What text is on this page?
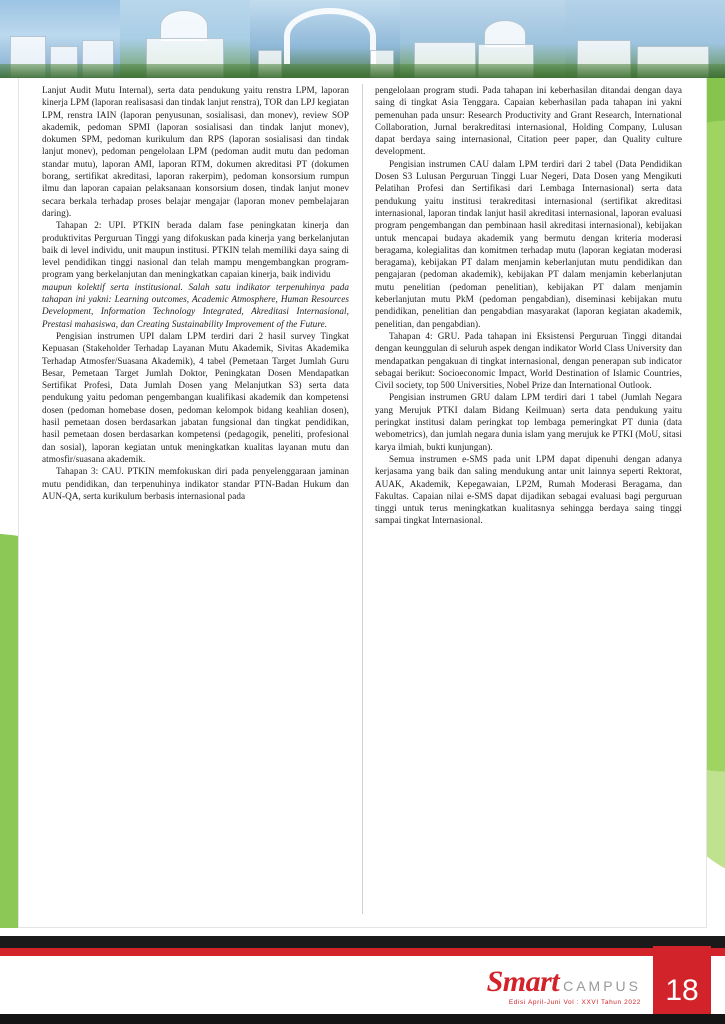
Lanjut Audit Mutu Internal), serta data pendukung yaitu renstra LPM, laporan kinerja LPM (laporan realisasasi dan tindak lanjut renstra), TOR dan LPJ kegiatan LPM, renstra IAIN (laporan penyusunan, sosialisasi, dan monev), review SOP akademik, pedoman SPMI (laporan sosialisasi dan tindak lanjut monev), dokumen SPM, pedoman kurikulum dan RPS (laporan sosialisasi dan tindak lanjut monev), pedoman pengelolaan LPM (pedoman audit mutu dan pedoman standar mutu), laporan AMI, laporan RTM, dokumen akreditasi PT (dokumen borang, sertifikat akreditasi, laporan rakerpim), pedoman konsorsium rumpun ilmu dan laporan capaian pelaksanaan konsorsium dosen, tindak lanjut monev secara berkala terhadap proses belajar mengajar (laporan monev pembelajaran daring).

Tahapan 2: UPI. PTKIN berada dalam fase peningkatan kinerja dan produktivitas Perguruan Tinggi yang difokuskan pada kinerja yang berkelanjutan baik di level individu, unit maupun institusi. PTKIN telah memiliki daya saing di level pendidikan tinggi nasional dan telah mampu mengembangkan program-program yang berkelanjutan dan meningkatkan capaian kinerja, baik individu

maupun kolektif serta institusional. Salah satu indikator terpenuhinya pada tahapan ini yakni: Learning outcomes, Academic Atmosphere, Human Resources Development, Information Technology Integrated, Akreditasi Internasional, Prestasi mahasiswa, dan Creating Sustainability Improvement of the Future.

Pengisian instrumen UPI dalam LPM terdiri dari 2 hasil survey Tingkat Kepuasan (Stakeholder Terhadap Layanan Mutu Akademik, Sivitas Akademika Terhadap Atmosfer/Suasana Akademik), 4 tabel (Pemetaan Target Jumlah Guru Besar, Pemetaan Target Jumlah Doktor, Peningkatan Dosen Mendapatkan Sertifikat Profesi, Data Jumlah Dosen yang Melanjutkan S3) serta data pendukung yaitu pedoman pengembangan kualifikasi akademik dan kompetensi dosen (pedoman homebase dosen, pedoman kelompok bidang keahlian dosen), hasil pemetaan dosen berdasarkan jabatan fungsional dan tingkat pendidikan, hasil pemetaan dosen berdasarkan kompetensi (pedagogik, peneliti, profesional dan sosial), laporan kegiatan untuk meningkatkan kualitas layanan mutu dan atmosfir/suasana akademik.

Tahapan 3: CAU. PTKIN memfokuskan diri pada penyelenggaraan jaminan mutu pendidikan, dan terpenuhinya indikator standar PTN-Badan Hukum dan AUN-QA, serta kurikulum berbasis internasional pada

pengelolaan program studi. Pada tahapan ini keberhasilan ditandai dengan daya saing di tingkat Asia Tenggara. Capaian keberhasilan pada tahapan ini yakni pemenuhan pada unsur: Research Productivity and Grant Research, International Collaboration, Jurnal berakreditasi internasional, Holding Company, Lulusan dapat berdaya saing internasional, Citation peer paper, dan Quality culture development.

Pengisian instrumen CAU dalam LPM terdiri dari 2 tabel (Data Pendidikan Dosen S3 Lulusan Perguruan Tinggi Luar Negeri, Data Dosen yang Mengikuti Pelatihan Profesi dan Sertifikasi dari Lembaga Internasional) serta data pendukung yaitu institusi terakreditasi internasional (sertifikat akreditasi internasional, laporan tindak lanjut hasil akreditasi internasional, laporan evaluasi program pengembangan dan pembinaan hasil akreditasi internasional), kebijakan untuk mencapai budaya akademik yang bermutu dengan kriteria moderasi beragama, kolegialitas dan komitmen terhadap mutu (laporan kegiatan moderasi beragama), kebijakan PT dalam menjamin keberlanjutan mutu pendidikan dan pengajaran (pedoman akademik), kebijakan PT dalam menjamin keberlanjutan mutu penelitian (pedoman penelitian), kebijakan PT dalam menjamin keberlanjutan mutu PkM (pedoman pengabdian), diseminasi kebijakan mutu pendidikan, penelitian dan pengabdian masyarakat (laporan kegiatan akademik, penelitian, dan pengabdian).

Tahapan 4: GRU. Pada tahapan ini Eksistensi Perguruan Tinggi ditandai dengan keunggulan di seluruh aspek dengan indikator World Class University dan mendapatkan pengakuan di tingkat internasional, dengan penerapan sub indicator sebagai berikut: Socioeconomic Impact, World Destination of Islamic Countries, Civil society, top 500 Universities, Nobel Prize dan International Outlook.

Pengisian instrumen GRU dalam LPM terdiri dari 1 tabel (Jumlah Negara yang Merujuk PTKI dalam Bidang Keilmuan) serta data pendukung yaitu peringkat institusi dalam peringkat top lembaga pemeringkat PT dunia (data webometrics), dan jumlah negara dunia islam yang merujuk ke PTKI (MoU, sitasi karya ilmiah, bukti kunjungan).

Semua instrumen e-SMS pada unit LPM dapat dipenuhi dengan adanya kerjasama yang baik dan saling mendukung antar unit lainnya seperti Rektorat, AUAK, Akademik, Kepegawaian, LP2M, Rumah Moderasi Beragama, dan Fakultas. Capaian nilai e-SMS dapat dijadikan sebagai evaluasi bagi perguruan tinggi untuk terus meningkatkan kualitasnya sehingga berdaya saing tinggi sampai tingkat Internasional.

Smart CAMPUS
Edisi April-Juni Vol : XXVI Tahun 2022 18
